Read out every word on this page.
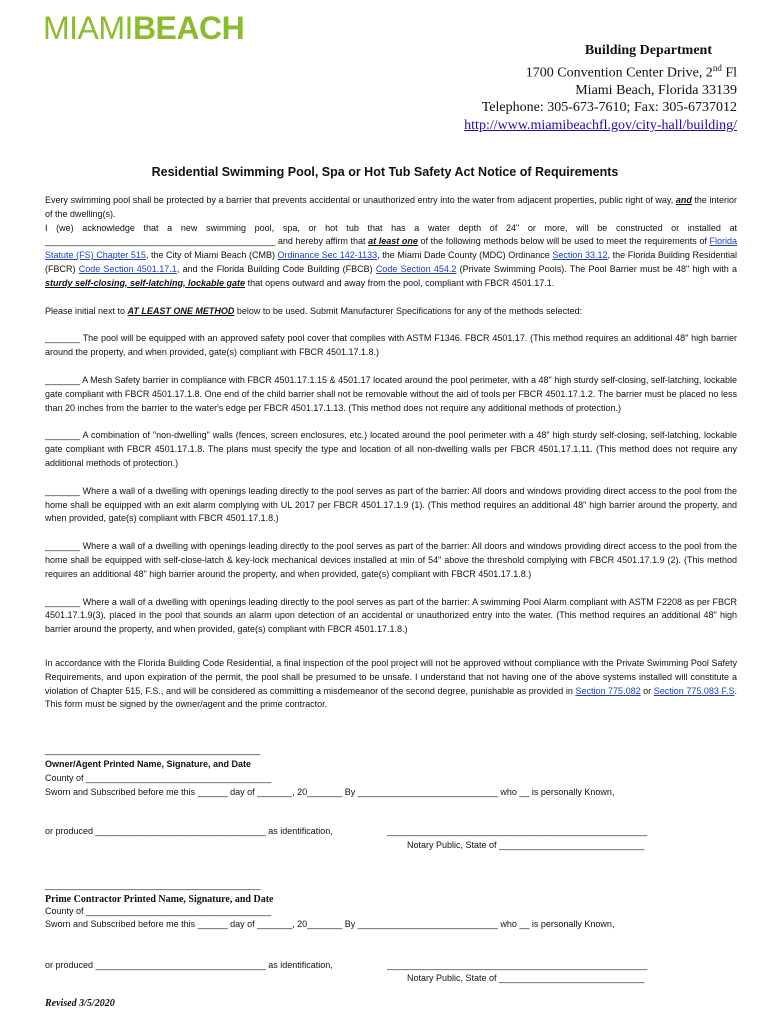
MIAMIBEACH
Building Department
1700 Convention Center Drive, 2nd Fl
Miami Beach, Florida 33139
Telephone: 305-673-7610; Fax: 305-6737012
http://www.miamibeachfl.gov/city-hall/building/
Residential Swimming Pool, Spa or Hot Tub Safety Act Notice of Requirements

Every swimming pool shall be protected by a barrier that prevents accidental or unauthorized entry into the water from adjacent properties, public right of way, and the interior of the dwelling(s).

I (we) acknowledge that a new swimming pool, spa, or hot tub that has a water depth of 24" or more, will be constructed or installed at ______________________________________________ and hereby affirm that at least one of the following methods below will be used to meet the requirements of Florida Statute (FS) Chapter 515, the City of Miami Beach (CMB) Ordinance Sec 142-1133, the Miami Dade County (MDC) Ordinance Section 33.12, the Florida Building Residential (FBCR) Code Section 4501.17.1, and the Florida Building Code Building (FBCB) Code Section 454.2 (Private Swimming Pools). The Pool Barrier must be 48" high with a sturdy self-closing, self-latching, lockable gate that opens outward and away from the pool, compliant with FBCR 4501.17.1.

Please initial next to AT LEAST ONE METHOD below to be used. Submit Manufacturer Specifications for any of the methods selected:

_______ The pool will be equipped with an approved safety pool cover that complies with ASTM F1346. FBCR 4501.17. (This method requires an additional 48" high barrier around the property, and when provided, gate(s) compliant with FBCR 4501.17.1.8.)

_______ A Mesh Safety barrier in compliance with FBCR 4501.17.1.15 & 4501.17 located around the pool perimeter, with a 48" high sturdy self-closing, self-latching, lockable gate compliant with FBCR 4501.17.1.8. One end of the child barrier shall not be removable without the aid of tools per FBCR 4501.17.1.2. The barrier must be placed no less than 20 inches from the barrier to the water's edge per FBCR 4501.17.1.13. (This method does not require any additional methods of protection.)

_______ A combination of "non-dwelling" walls (fences, screen enclosures, etc.) located around the pool perimeter with a 48" high sturdy self-closing, self-latching, lockable gate compliant with FBCR 4501.17.1.8. The plans must specify the type and location of all non-dwelling walls per FBCR 4501.17.1.11. (This method does not require any additional methods of protection.)

_______ Where a wall of a dwelling with openings leading directly to the pool serves as part of the barrier: All doors and windows providing direct access to the pool from the home shall be equipped with an exit alarm complying with UL 2017 per FBCR 4501.17.1.9 (1). (This method requires an additional 48" high barrier around the property, and when provided, gate(s) compliant with FBCR 4501.17.1.8.)

_______ Where a wall of a dwelling with openings leading directly to the pool serves as part of the barrier: All doors and windows providing direct access to the pool from the home shall be equipped with self-close-latch & key-lock mechanical devices installed at min of 54" above the threshold complying with FBCR 4501.17.1.9 (2). (This method requires an additional 48" high barrier around the property, and when provided, gate(s) compliant with FBCR 4501.17.1.8.)

_______ Where a wall of a dwelling with openings leading directly to the pool serves as part of the barrier: A swimming Pool Alarm compliant with ASTM F2208 as per FBCR 4501.17.1.9(3), placed in the pool that sounds an alarm upon detection of an accidental or unauthorized entry into the water. (This method requires an additional 48" high barrier around the property, and when provided, gate(s) compliant with FBCR 4501.17.1.8.)

In accordance with the Florida Building Code Residential, a final inspection of the pool project will not be approved without compliance with the Private Swimming Pool Safety Requirements, and upon expiration of the permit, the pool shall be presumed to be unsafe. I understand that not having one of the above systems installed will constitute a violation of Chapter 515, F.S., and will be considered as committing a misdemeanor of the second degree, punishable as provided in Section 775.082 or Section 775.083 F.S. This form must be signed by the owner/agent and the prime contractor.

___________________________________________
Owner/Agent Printed Name, Signature, and Date
County of _____________________________________
Sworn and Subscribed before me this ______ day of _______, 20_______ By ____________________________ who __ is personally Known,
or produced __________________________________ as identification,	____________________________________________________
Notary Public, State of _____________________________
___________________________________________
Prime Contractor Printed Name, Signature, and Date
County of _____________________________________
Sworn and Subscribed before me this ______ day of _______, 20_______ By ____________________________ who __ is personally Known,
or produced __________________________________ as identification,	____________________________________________________
Notary Public, State of _____________________________
Revised 3/5/2020
